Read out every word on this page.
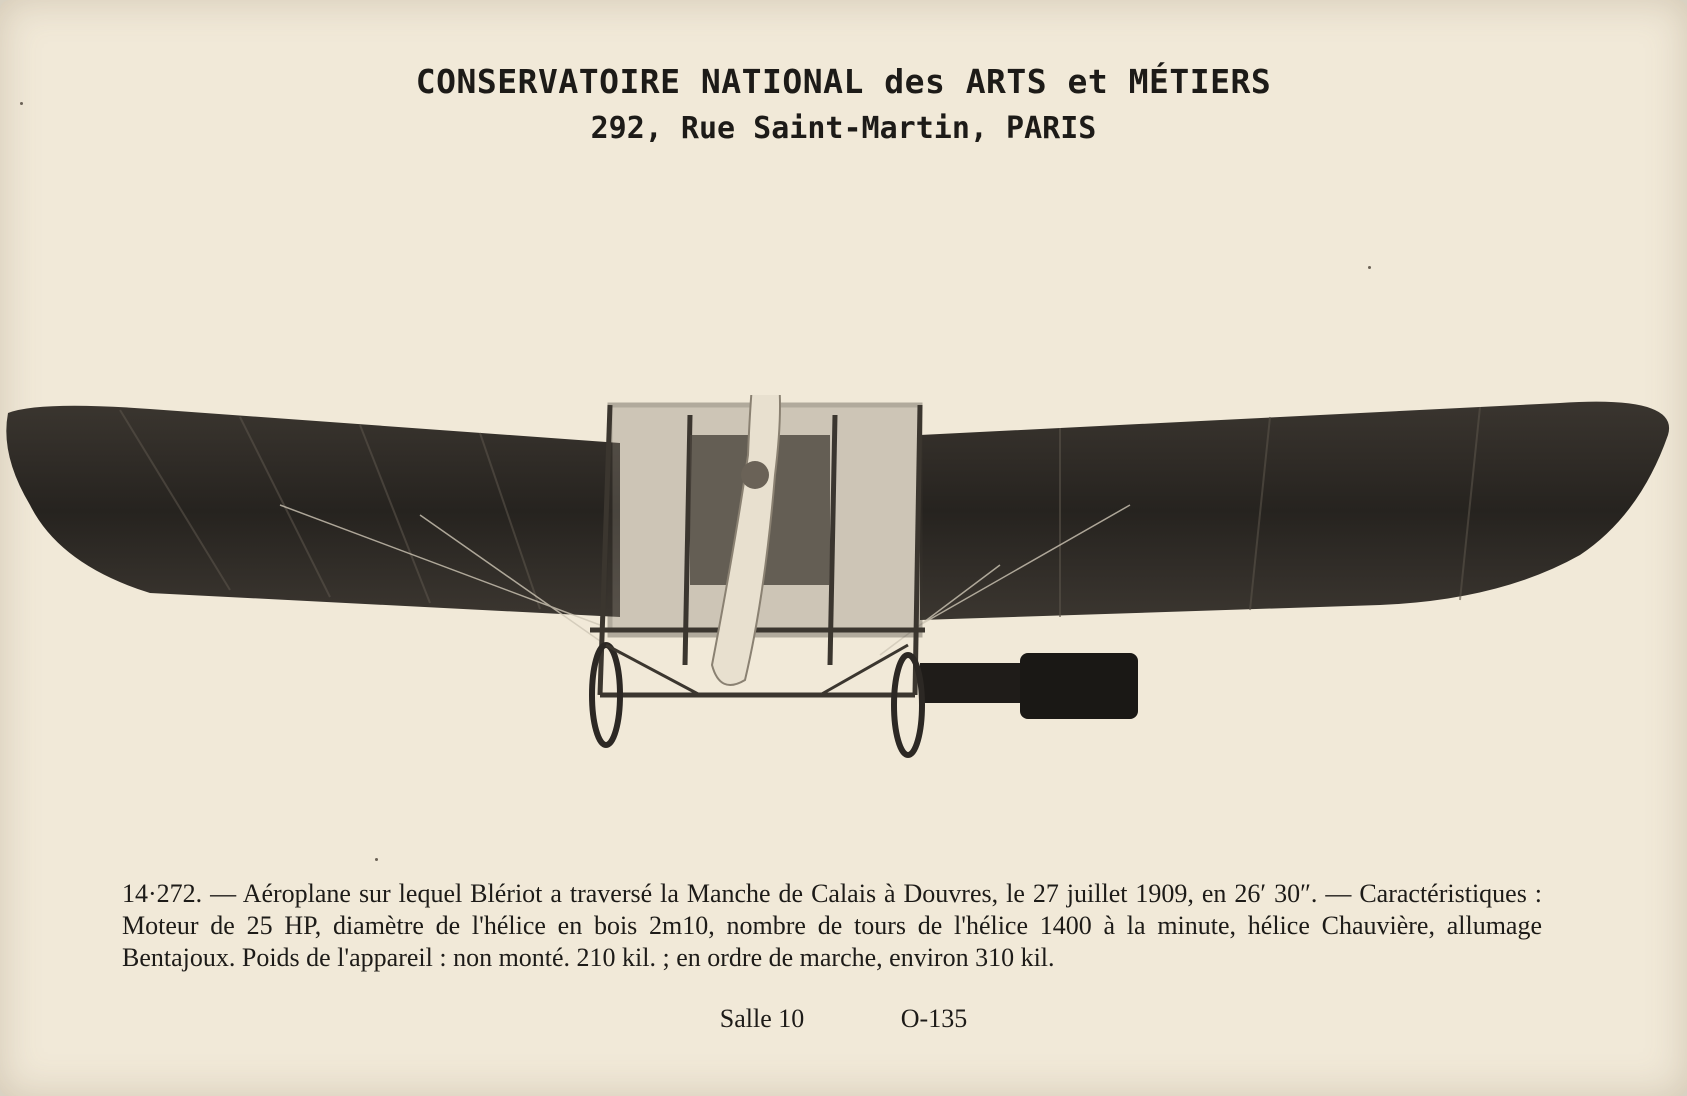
CONSERVATOIRE NATIONAL des ARTS et MÉTIERS
292, Rue Saint-Martin, PARIS
14·272. — Aéroplane sur lequel Blériot a traversé la Manche de Calais à Douvres, le 27 juillet 1909, en 26′ 30″. — Caractéristiques : Moteur de 25 HP, diamètre de l'hélice en bois 2m10, nombre de tours de l'hélice 1400 à la minute, hélice Chauvière, allumage Bentajoux. Poids de l'appareil : non monté. 210 kil. ; en ordre de marche, environ 310 kil.
Salle 10	O-135
